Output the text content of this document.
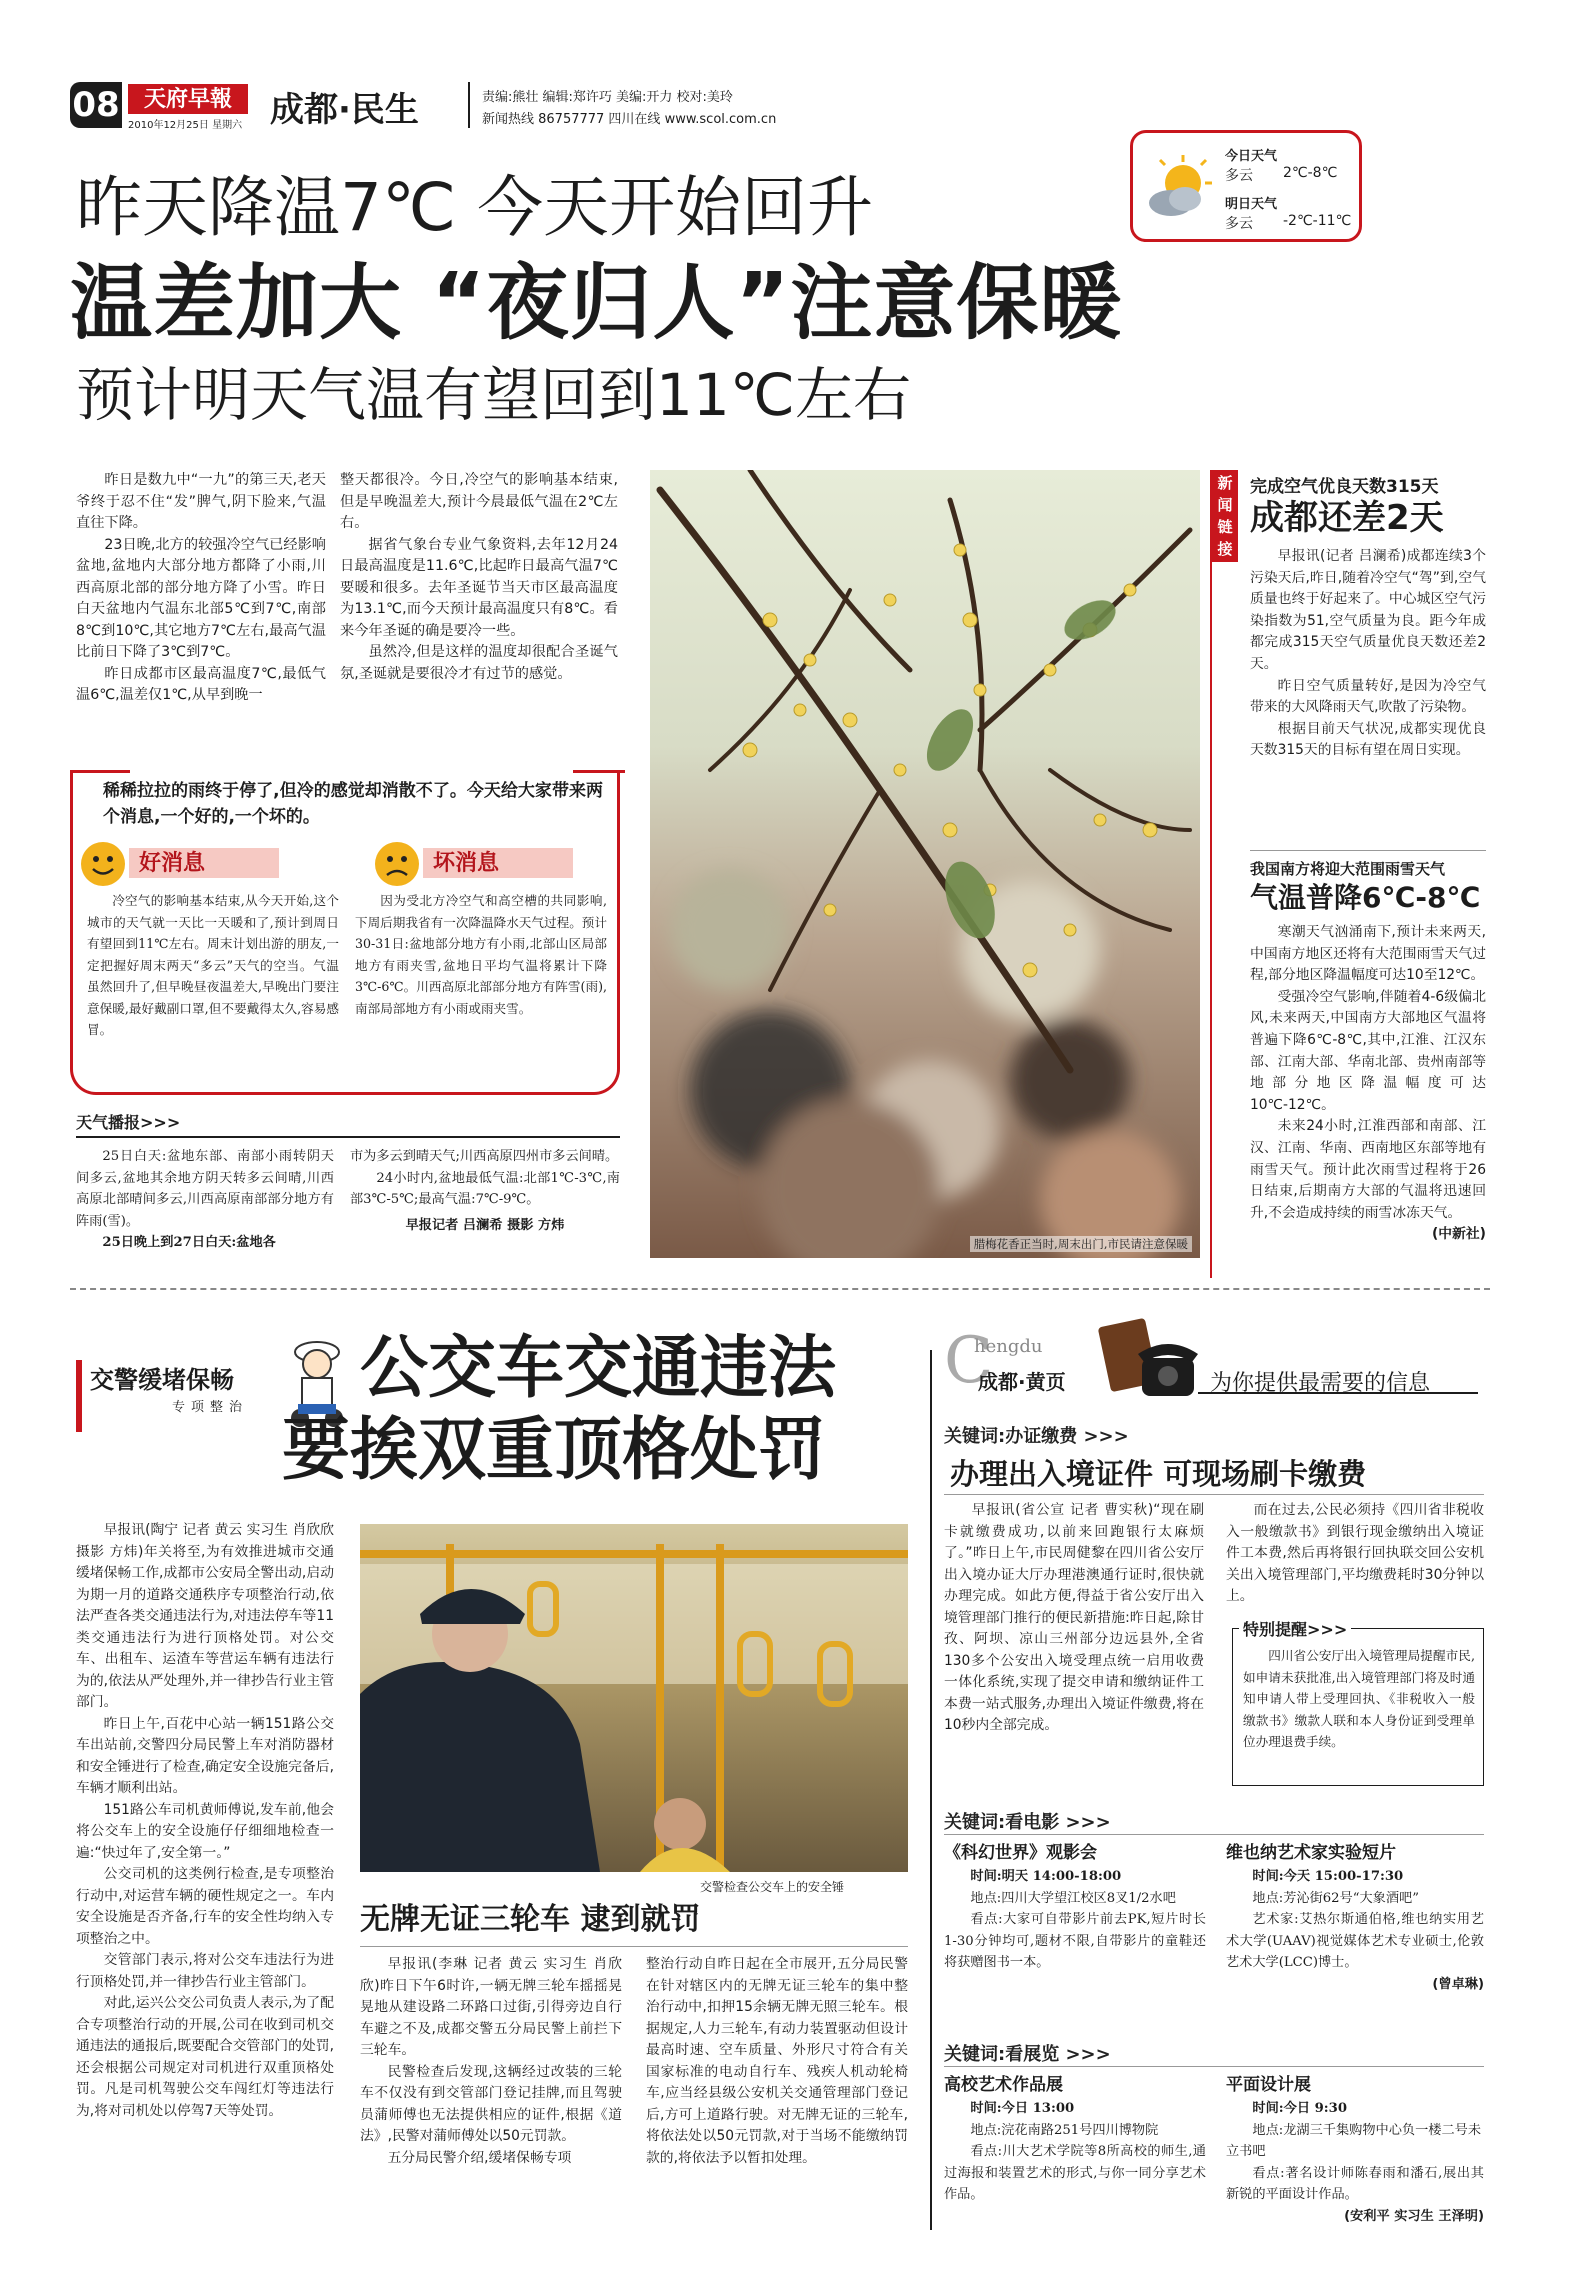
08	天府早報
2010年12月25日 星期六 成都·民生	责编:熊壮 编辑:郑许巧 美编:开力 校对:美玲
新闻热线 86757777 四川在线 www.scol.com.cn
今日天气
多云 2℃-8℃
明日天气
多云 -2℃-11℃
昨天降温7℃ 今天开始回升
温差加大 “夜归人”注意保暖
预计明天气温有望回到11℃左右

昨日是数九中“一九”的第三天,老天爷终于忍不住“发”脾气,阴下脸来,气温直往下降。

23日晚,北方的较强冷空气已经影响盆地,盆地内大部分地方都降了小雨,川西高原北部的部分地方降了小雪。昨日白天盆地内气温东北部5℃到7℃,南部8℃到10℃,其它地方7℃左右,最高气温比前日下降了3℃到7℃。

昨日成都市区最高温度7℃,最低气温6℃,温差仅1℃,从早到晚一

整天都很冷。今日,冷空气的影响基本结束,但是早晚温差大,预计今晨最低气温在2℃左右。

据省气象台专业气象资料,去年12月24日最高温度是11.6℃,比起昨日最高气温7℃要暖和很多。去年圣诞节当天市区最高温度为13.1℃,而今天预计最高温度只有8℃。看来今年圣诞的确是要冷一些。

虽然冷,但是这样的温度却很配合圣诞气氛,圣诞就是要很冷才有过节的感觉。

稀稀拉拉的雨终于停了,但冷的感觉却消散不了。今天给大家带来两个消息,一个好的,一个坏的。
好消息
冷空气的影响基本结束,从今天开始,这个城市的天气就一天比一天暖和了,预计到周日有望回到11℃左右。周末计划出游的朋友,一定把握好周末两天“多云”天气的空当。气温虽然回升了,但早晚昼夜温差大,早晚出门要注意保暖,最好戴副口罩,但不要戴得太久,容易感冒。
坏消息
因为受北方冷空气和高空槽的共同影响,下周后期我省有一次降温降水天气过程。预计30-31日:盆地部分地方有小雨,北部山区局部地方有雨夹雪,盆地日平均气温将累计下降3℃-6℃。川西高原北部部分地方有阵雪(雨),南部局部地方有小雨或雨夹雪。
天气播报>>>

25日白天:盆地东部、南部小雨转阴天间多云,盆地其余地方阴天转多云间晴,川西高原北部晴间多云,川西高原南部部分地方有阵雨(雪)。

25日晚上到27日白天:盆地各

市为多云到晴天气;川西高原四州市多云间晴。

24小时内,盆地最低气温:北部1℃-3℃,南部3℃-5℃;最高气温:7℃-9℃。

早报记者 吕澜希 摄影 方炜

腊梅花香正当时,周末出门,市民请注意保暖
新闻链接
完成空气优良天数315天
成都还差2天

早报讯(记者 吕澜希)成都连续3个污染天后,昨日,随着冷空气“驾”到,空气质量也终于好起来了。中心城区空气污染指数为51,空气质量为良。距今年成都完成315天空气质量优良天数还差2天。

昨日空气质量转好,是因为冷空气带来的大风降雨天气,吹散了污染物。

根据目前天气状况,成都实现优良天数315天的目标有望在周日实现。

我国南方将迎大范围雨雪天气
气温普降6℃-8℃

寒潮天气汹涌南下,预计未来两天,中国南方地区还将有大范围雨雪天气过程,部分地区降温幅度可达10至12℃。

受强冷空气影响,伴随着4-6级偏北风,未来两天,中国南方大部地区气温将普遍下降6℃-8℃,其中,江淮、江汉东部、江南大部、华南北部、贵州南部等地部分地区降温幅度可达10℃-12℃。

未来24小时,江淮西部和南部、江汉、江南、华南、西南地区东部等地有雨雪天气。预计此次雨雪过程将于26日结束,后期南方大部的气温将迅速回升,不会造成持续的雨雪冰冻天气。

(中新社)

交警缓堵保畅
专项整治 公交车交通违法
要挨双重顶格处罚

早报讯(陶宁 记者 黄云 实习生 肖欣欣 摄影 方炜)年关将至,为有效推进城市交通缓堵保畅工作,成都市公安局全警出动,启动为期一月的道路交通秩序专项整治行动,依法严查各类交通违法行为,对违法停车等11类交通违法行为进行顶格处罚。对公交车、出租车、运渣车等营运车辆有违法行为的,依法从严处理外,并一律抄告行业主管部门。

昨日上午,百花中心站一辆151路公交车出站前,交警四分局民警上车对消防器材和安全锤进行了检查,确定安全设施完备后,车辆才顺利出站。

151路公车司机黄师傅说,发车前,他会将公交车上的安全设施仔仔细细地检查一遍:“快过年了,安全第一。”

公交司机的这类例行检查,是专项整治行动中,对运营车辆的硬性规定之一。车内安全设施是否齐备,行车的安全性均纳入专项整治之中。

交管部门表示,将对公交车违法行为进行顶格处罚,并一律抄告行业主管部门。

对此,运兴公交公司负责人表示,为了配合专项整治行动的开展,公司在收到司机交通违法的通报后,既要配合交管部门的处罚,还会根据公司规定对司机进行双重顶格处罚。凡是司机驾驶公交车闯红灯等违法行为,将对司机处以停驾7天等处罚。

交警检查公交车上的安全锤
无牌无证三轮车 逮到就罚

早报讯(李琳 记者 黄云 实习生 肖欣欣)昨日下午6时许,一辆无牌三轮车摇摇晃晃地从建设路二环路口过街,引得旁边自行车避之不及,成都交警五分局民警上前拦下三轮车。

民警检查后发现,这辆经过改装的三轮车不仅没有到交管部门登记挂牌,而且驾驶员蒲师傅也无法提供相应的证件,根据《道法》,民警对蒲师傅处以50元罚款。

五分局民警介绍,缓堵保畅专项

整治行动自昨日起在全市展开,五分局民警在针对辖区内的无牌无证三轮车的集中整治行动中,扣押15余辆无牌无照三轮车。根据规定,人力三轮车,有动力装置驱动但设计最高时速、空车质量、外形尺寸符合有关国家标准的电动自行车、残疾人机动轮椅车,应当经县级公安机关交通管理部门登记后,方可上道路行驶。对无牌无证的三轮车,将依法处以50元罚款,对于当场不能缴纳罚款的,将依法予以暂扣处理。

C
hengdu
成都·黄页	为你提供最需要的信息
关键词:办证缴费 >>>
办理出入境证件 可现场刷卡缴费

早报讯(省公宣 记者 曹实秋)“现在刷卡就缴费成功,以前来回跑银行太麻烦了。”昨日上午,市民周健黎在四川省公安厅出入境办证大厅办理港澳通行证时,很快就办理完成。如此方便,得益于省公安厅出入境管理部门推行的便民新措施:昨日起,除甘孜、阿坝、凉山三州部分边远县外,全省130多个公安出入境受理点统一启用收费一体化系统,实现了提交申请和缴纳证件工本费一站式服务,办理出入境证件缴费,将在10秒内全部完成。

而在过去,公民必须持《四川省非税收入一般缴款书》到银行现金缴纳出入境证件工本费,然后再将银行回执联交回公安机关出入境管理部门,平均缴费耗时30分钟以上。

特别提醒>>>
四川省公安厅出入境管理局提醒市民,如申请未获批准,出入境管理部门将及时通知申请人带上受理回执、《非税收入一般缴款书》缴款人联和本人身份证到受理单位办理退费手续。
关键词:看电影 >>>
《科幻世界》观影会
时间:明天 14:00-18:00
地点:四川大学望江校区8叉1/2水吧
看点:大家可自带影片前去PK,短片时长1-30分钟均可,题材不限,自带影片的童鞋还将获赠图书一本。
维也纳艺术家实验短片
时间:今天 15:00-17:30
地点:芳沁街62号“大象酒吧”
艺术家:艾热尔斯通伯格,维也纳实用艺术大学(UAAV)视觉媒体艺术专业硕士,伦敦艺术大学(LCC)博士。
(曾卓琳)
关键词:看展览 >>>
高校艺术作品展
时间:今日 13:00
地点:浣花南路251号四川博物院
看点:川大艺术学院等8所高校的师生,通过海报和装置艺术的形式,与你一同分享艺术作品。
平面设计展
时间:今日 9:30
地点:龙湖三千集购物中心负一楼二号未立书吧
看点:著名设计师陈春雨和潘石,展出其新锐的平面设计作品。
(安利平 实习生 王泽明)
